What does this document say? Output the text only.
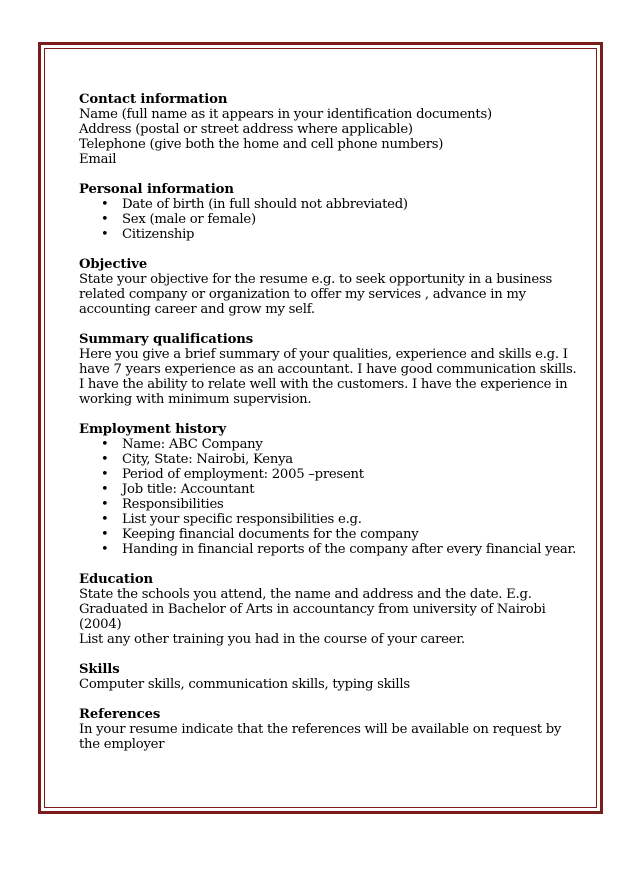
Contact information
Name (full name as it appears in your identification documents)
Address (postal or street address where applicable)
Telephone (give both the home and cell phone numbers)
Email
Personal information
• Date of birth (in full should not abbreviated)
• Sex (male or female)
• Citizenship
Objective
State your objective for the resume e.g. to seek opportunity in a business related company or organization to offer my services , advance in my accounting career and grow my self.
Summary qualifications
Here you give a brief summary of your qualities, experience and skills e.g. I have 7 years experience as an accountant. I have good communication skills. I have the ability to relate well with the customers. I have the experience in working with minimum supervision.
Employment history
• Name: ABC Company
• City, State: Nairobi, Kenya
• Period of employment: 2005 –present
• Job title: Accountant
• Responsibilities
• List your specific responsibilities e.g.
• Keeping financial documents for the company
• Handing in financial reports of the company after every financial year.
Education
State the schools you attend, the name and address and the date. E.g.
Graduated in Bachelor of Arts in accountancy from university of Nairobi (2004)
List any other training you had in the course of your career.
Skills
Computer skills, communication skills, typing skills
References
In your resume indicate that the references will be available on request by the employer
